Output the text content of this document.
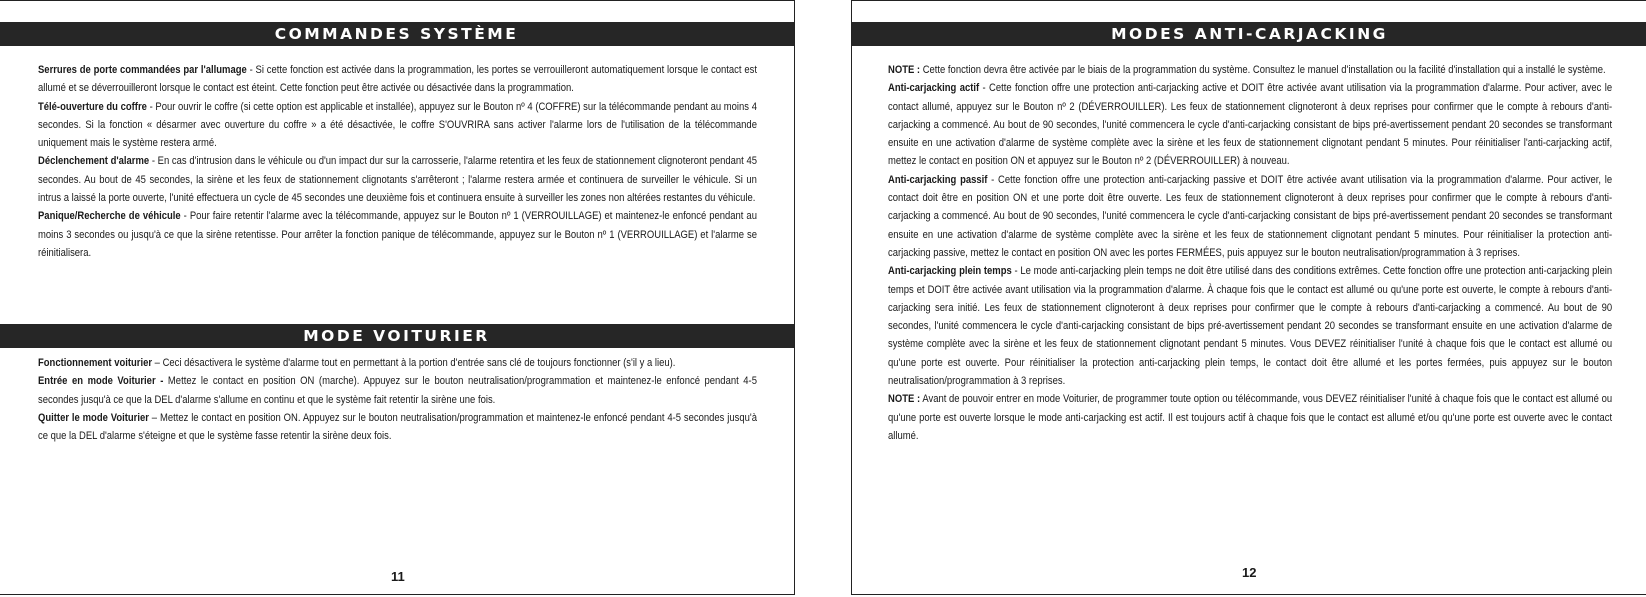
COMMANDES SYSTÈME

Serrures de porte commandées par l'allumage - Si cette fonction est activée dans la programmation, les portes se verrouilleront automatiquement lorsque le contact est allumé et se déverrouilleront lorsque le contact est éteint. Cette fonction peut être activée ou désactivée dans la programmation.

Télé-ouverture du coffre - Pour ouvrir le coffre (si cette option est applicable et installée), appuyez sur le Bouton nº 4 (COFFRE) sur la télécommande pendant au moins 4 secondes. Si la fonction « désarmer avec ouverture du coffre » a été désactivée, le coffre S'OUVRIRA sans activer l'alarme lors de l'utilisation de la télécommande uniquement mais le système restera armé.

Déclenchement d'alarme - En cas d'intrusion dans le véhicule ou d'un impact dur sur la carrosserie, l'alarme retentira et les feux de stationnement clignoteront pendant 45 secondes. Au bout de 45 secondes, la sirène et les feux de stationnement clignotants s'arrêteront ; l'alarme restera armée et continuera de surveiller le véhicule. Si un intrus a laissé la porte ouverte, l'unité effectuera un cycle de 45 secondes une deuxième fois et continuera ensuite à surveiller les zones non altérées restantes du véhicule.

Panique/Recherche de véhicule - Pour faire retentir l'alarme avec la télécommande, appuyez sur le Bouton nº 1 (VERROUILLAGE) et maintenez-le enfoncé pendant au moins 3 secondes ou jusqu'à ce que la sirène retentisse. Pour arrêter la fonction panique de télécommande, appuyez sur le Bouton nº 1 (VERROUILLAGE) et l'alarme se réinitialisera.

MODE VOITURIER

Fonctionnement voiturier – Ceci désactivera le système d'alarme tout en permettant à la portion d'entrée sans clé de toujours fonctionner (s'il y a lieu).

Entrée en mode Voiturier - Mettez le contact en position ON (marche). Appuyez sur le bouton neutralisation/programmation et maintenez-le enfoncé pendant 4-5 secondes jusqu'à ce que la DEL d'alarme s'allume en continu et que le système fait retentir la sirène une fois.

Quitter le mode Voiturier – Mettez le contact en position ON. Appuyez sur le bouton neutralisation/programmation et maintenez-le enfoncé pendant 4-5 secondes jusqu'à ce que la DEL d'alarme s'éteigne et que le système fasse retentir la sirène deux fois.

11
MODES ANTI-CARJACKING

NOTE : Cette fonction devra être activée par le biais de la programmation du système. Consultez le manuel d'installation ou la facilité d'installation qui a installé le système.

Anti-carjacking actif - Cette fonction offre une protection anti-carjacking active et DOIT être activée avant utilisation via la programmation d'alarme. Pour activer, avec le contact allumé, appuyez sur le Bouton nº 2 (DÉVERROUILLER). Les feux de stationnement clignoteront à deux reprises pour confirmer que le compte à rebours d'anti-carjacking a commencé. Au bout de 90 secondes, l'unité commencera le cycle d'anti-carjacking consistant de bips pré-avertissement pendant 20 secondes se transformant ensuite en une activation d'alarme de système complète avec la sirène et les feux de stationnement clignotant pendant 5 minutes. Pour réinitialiser l'anti-carjacking actif, mettez le contact en position ON et appuyez sur le Bouton nº 2 (DÉVERROUILLER) à nouveau.

Anti-carjacking passif - Cette fonction offre une protection anti-carjacking passive et DOIT être activée avant utilisation via la programmation d'alarme. Pour activer, le contact doit être en position ON et une porte doit être ouverte. Les feux de stationnement clignoteront à deux reprises pour confirmer que le compte à rebours d'anti-carjacking a commencé. Au bout de 90 secondes, l'unité commencera le cycle d'anti-carjacking consistant de bips pré-avertissement pendant 20 secondes se transformant ensuite en une activation d'alarme de système complète avec la sirène et les feux de stationnement clignotant pendant 5 minutes. Pour réinitialiser la protection anti-carjacking passive, mettez le contact en position ON avec les portes FERMÉES, puis appuyez sur le bouton neutralisation/programmation à 3 reprises.

Anti-carjacking plein temps - Le mode anti-carjacking plein temps ne doit être utilisé dans des conditions extrêmes. Cette fonction offre une protection anti-carjacking plein temps et DOIT être activée avant utilisation via la programmation d'alarme. À chaque fois que le contact est allumé ou qu'une porte est ouverte, le compte à rebours d'anti-carjacking sera initié. Les feux de stationnement clignoteront à deux reprises pour confirmer que le compte à rebours d'anti-carjacking a commencé. Au bout de 90 secondes, l'unité commencera le cycle d'anti-carjacking consistant de bips pré-avertissement pendant 20 secondes se transformant ensuite en une activation d'alarme de système complète avec la sirène et les feux de stationnement clignotant pendant 5 minutes. Vous DEVEZ réinitialiser l'unité à chaque fois que le contact est allumé ou qu'une porte est ouverte. Pour réinitialiser la protection anti-carjacking plein temps, le contact doit être allumé et les portes fermées, puis appuyez sur le bouton neutralisation/programmation à 3 reprises.

NOTE : Avant de pouvoir entrer en mode Voiturier, de programmer toute option ou télécommande, vous DEVEZ réinitialiser l'unité à chaque fois que le contact est allumé ou qu'une porte est ouverte lorsque le mode anti-carjacking est actif. Il est toujours actif à chaque fois que le contact est allumé et/ou qu'une porte est ouverte avec le contact allumé.

12
